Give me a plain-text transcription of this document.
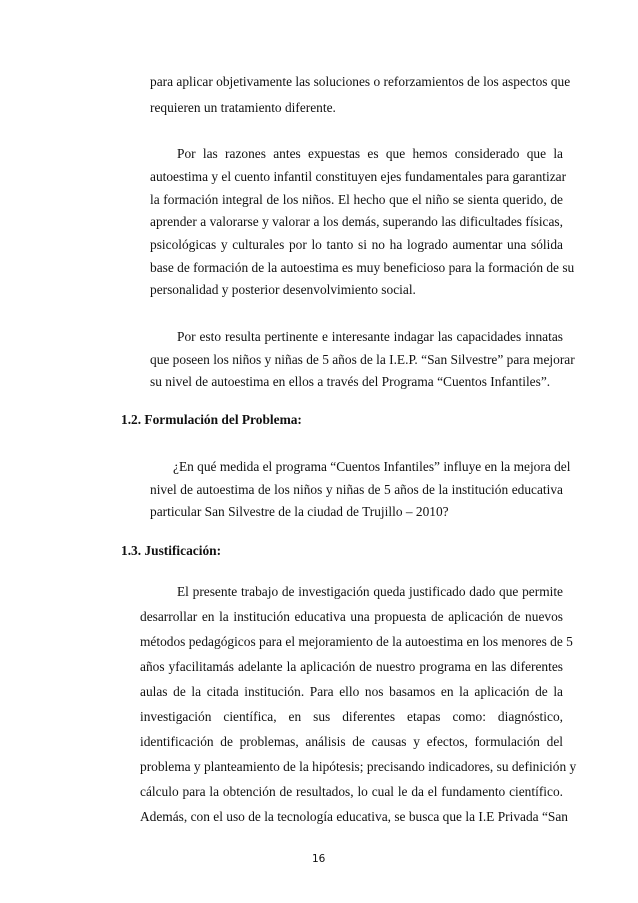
para aplicar objetivamente las soluciones o reforzamientos de los aspectos que
requieren un tratamiento diferente.
Por las razones antes expuestas es que hemos considerado que la
autoestima y el cuento infantil constituyen ejes fundamentales para garantizar
la formación integral de los niños. El hecho que el niño se sienta querido, de
aprender a valorarse y valorar a los demás, superando las dificultades físicas,
psicológicas y culturales por lo tanto si no ha logrado aumentar una sólida
base de formación de la autoestima es muy beneficioso para la formación de su
personalidad y posterior desenvolvimiento social.
Por esto resulta pertinente e interesante indagar las capacidades innatas
que poseen los niños y niñas de 5 años de la I.E.P. “San Silvestre” para mejorar
su nivel de autoestima en ellos a través del Programa “Cuentos Infantiles”.
1.2. Formulación del Problema:
¿En qué medida el programa “Cuentos Infantiles” influye en la mejora del
nivel de autoestima de los niños y niñas de 5 años de la institución educativa
particular San Silvestre de la ciudad de Trujillo – 2010?
1.3. Justificación:
El presente trabajo de investigación queda justificado dado que permite
desarrollar en la institución educativa una propuesta de aplicación de nuevos
métodos pedagógicos para el mejoramiento de la autoestima en los menores de 5
años yfacilitamás adelante la aplicación de nuestro programa en las diferentes
aulas de la citada institución. Para ello nos basamos en la aplicación de la
investigación científica, en sus diferentes etapas como: diagnóstico,
identificación de problemas, análisis de causas y efectos, formulación del
problema y planteamiento de la hipótesis; precisando indicadores, su definición y
cálculo para la obtención de resultados, lo cual le da el fundamento científico.
Además, con el uso de la tecnología educativa, se busca que la I.E Privada “San
16
